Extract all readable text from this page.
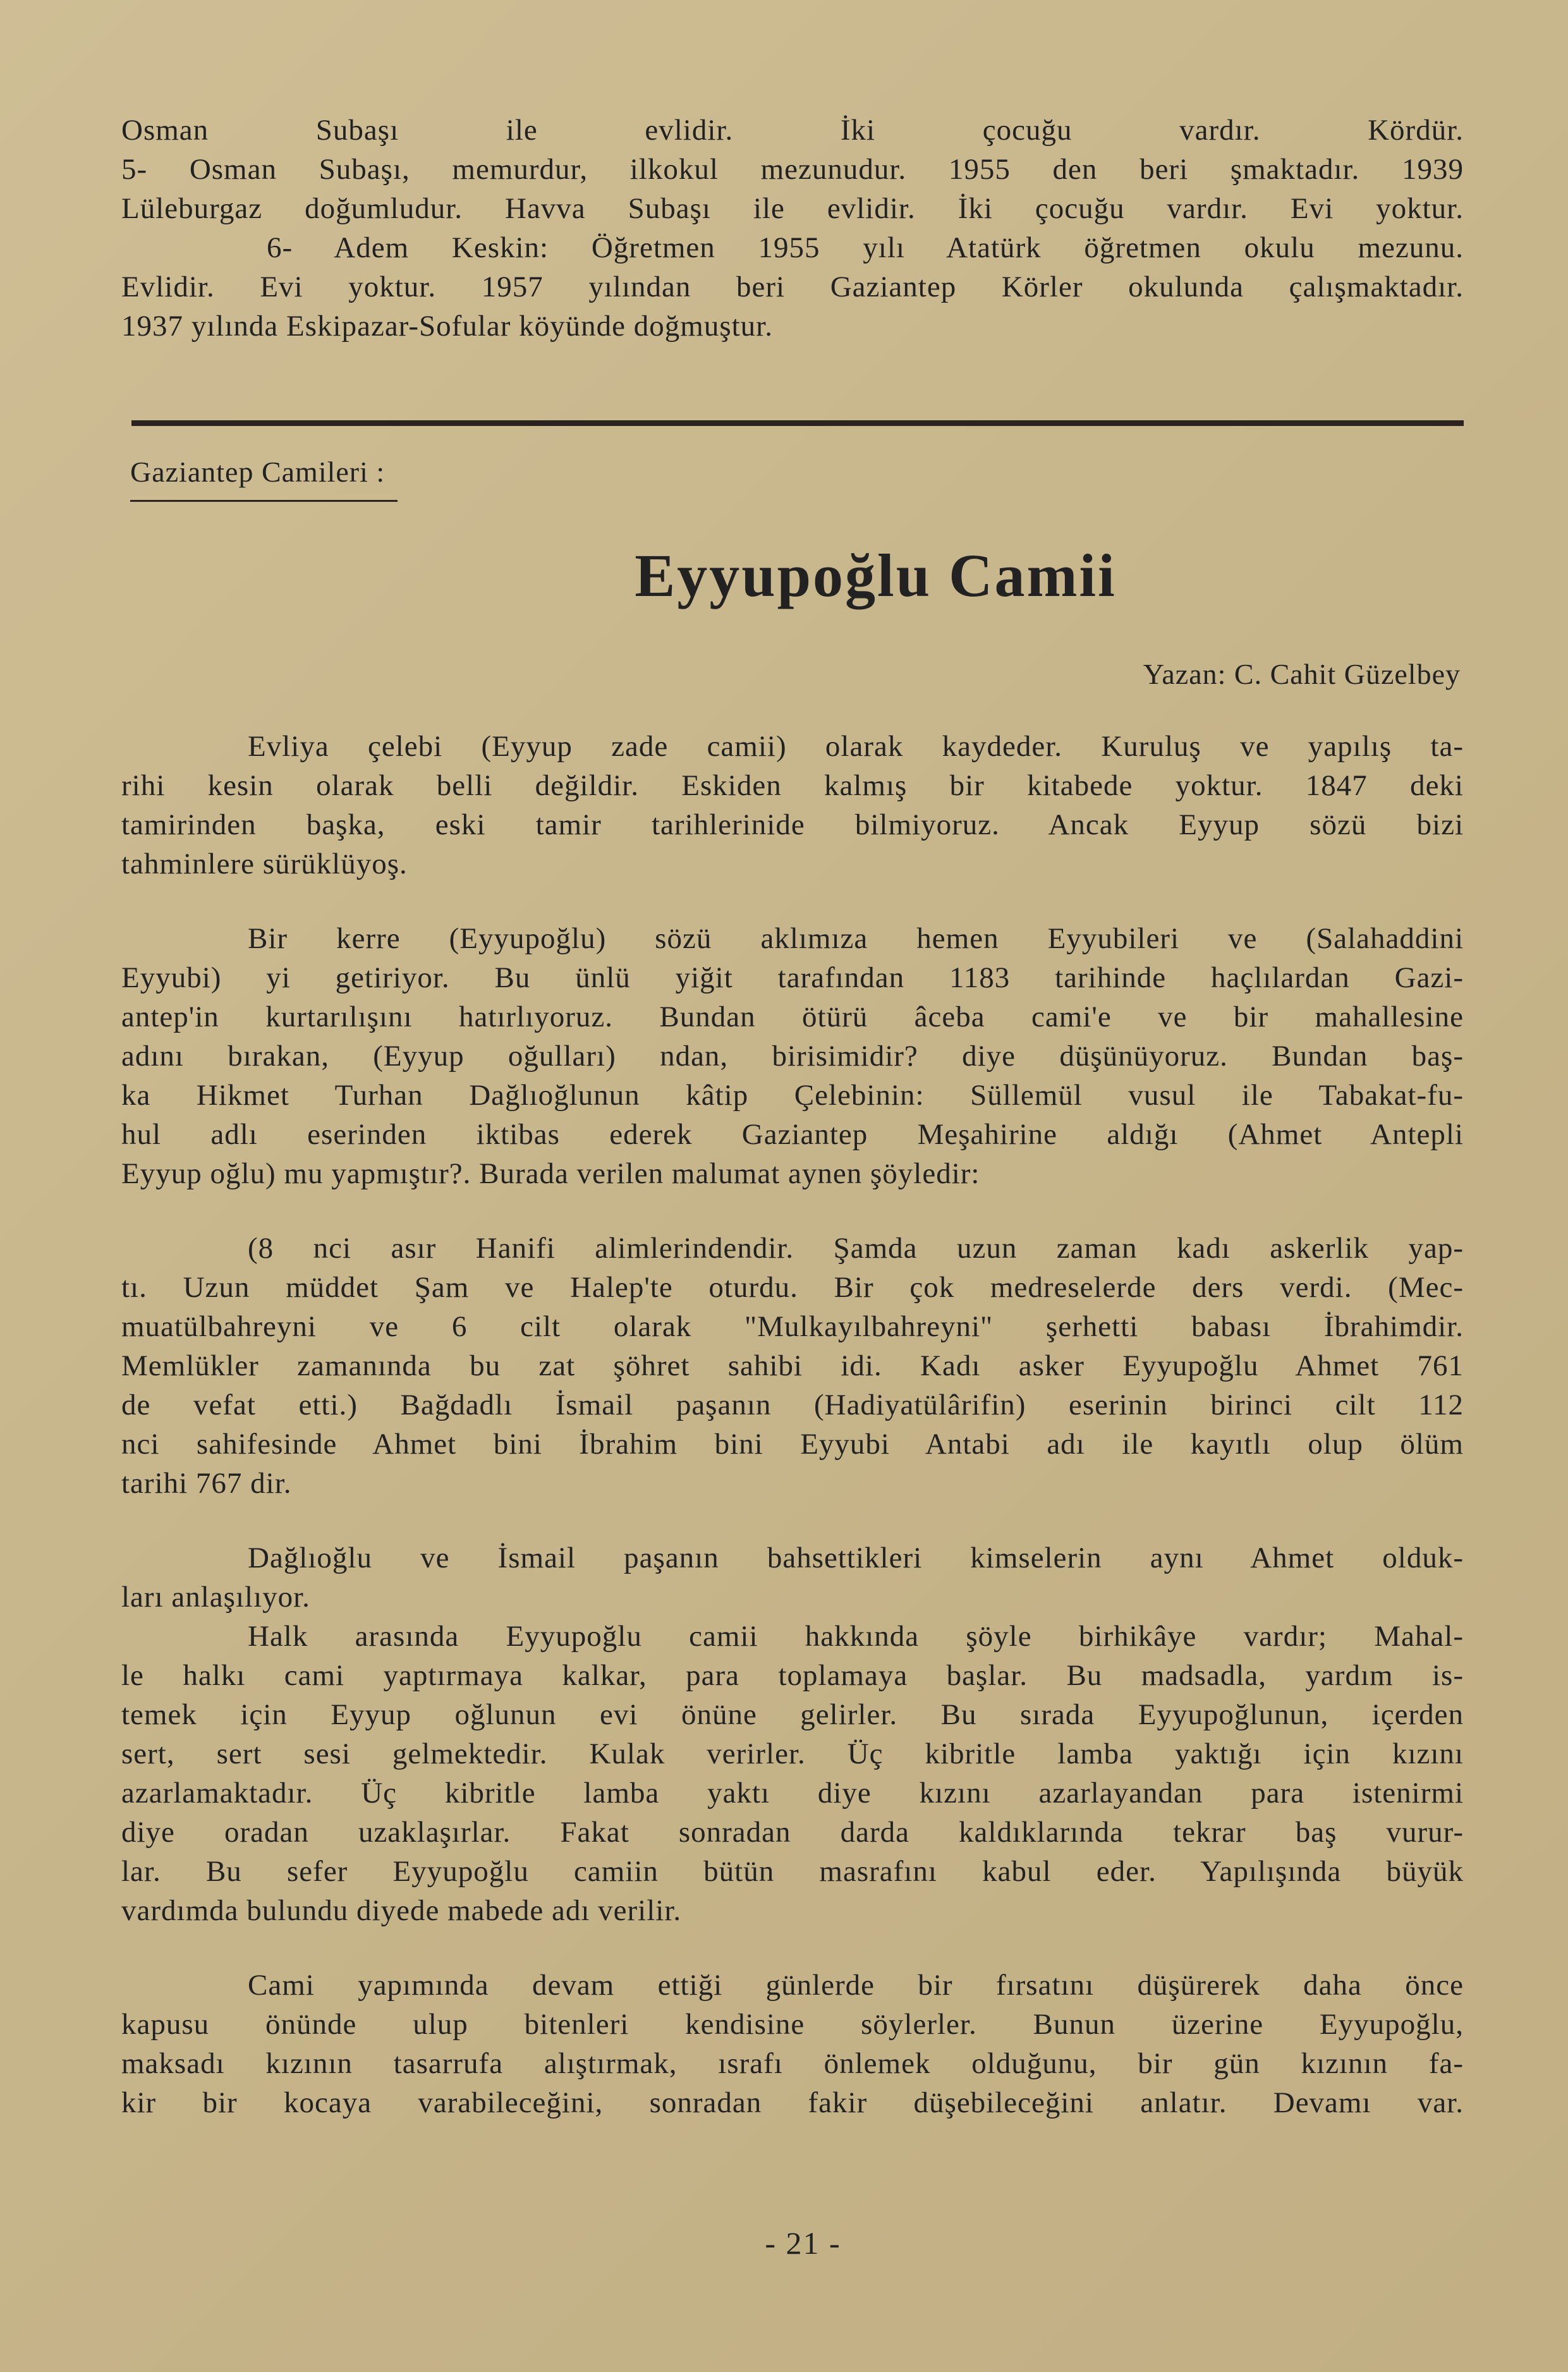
Osman Subaşı ile evlidir. İki çocuğu vardır. Kördür.
5- Osman Subaşı, memurdur, ilkokul mezunudur. 1955 den beri şmaktadır. 1939
Lüleburgaz doğumludur. Havva Subaşı ile evlidir. İki çocuğu vardır. Evi yoktur.
6- Adem Keskin: Öğretmen 1955 yılı Atatürk öğretmen okulu mezunu.
Evlidir. Evi yoktur. 1957 yılından beri Gaziantep Körler okulunda çalışmaktadır.
1937 yılında Eskipazar-Sofular köyünde doğmuştur.
Gaziantep Camileri :
Eyyupoğlu Camii
Yazan: C. Cahit Güzelbey
Evliya çelebi (Eyyup zade camii) olarak kaydeder. Kuruluş ve yapılış ta-
rihi kesin olarak belli değildir. Eskiden kalmış bir kitabede yoktur. 1847 deki
tamirinden başka, eski tamir tarihlerinide bilmiyoruz. Ancak Eyyup sözü bizi
tahminlere sürüklüyoş.
Bir kerre (Eyyupoğlu) sözü aklımıza hemen Eyyubileri ve (Salahaddini
Eyyubi) yi getiriyor. Bu ünlü yiğit tarafından 1183 tarihinde haçlılardan Gazi-
antep'in kurtarılışını hatırlıyoruz. Bundan ötürü âceba cami'e ve bir mahallesine
adını bırakan, (Eyyup oğulları) ndan, birisimidir? diye düşünüyoruz. Bundan baş-
ka Hikmet Turhan Dağlıoğlunun kâtip Çelebinin: Süllemül vusul ile Tabakat-fu-
hul adlı eserinden iktibas ederek Gaziantep Meşahirine aldığı (Ahmet Antepli
Eyyup oğlu) mu yapmıştır?. Burada verilen malumat aynen şöyledir:
(8 nci asır Hanifi alimlerindendir. Şamda uzun zaman kadı askerlik yap-
tı. Uzun müddet Şam ve Halep'te oturdu. Bir çok medreselerde ders verdi. (Mec-
muatülbahreyni ve 6 cilt olarak "Mulkayılbahreyni" şerhetti babası İbrahimdir.
Memlükler zamanında bu zat şöhret sahibi idi. Kadı asker Eyyupoğlu Ahmet 761
de vefat etti.) Bağdadlı İsmail paşanın (Hadiyatülârifin) eserinin birinci cilt 112
nci sahifesinde Ahmet bini İbrahim bini Eyyubi Antabi adı ile kayıtlı olup ölüm
tarihi 767 dir.
Dağlıoğlu ve İsmail paşanın bahsettikleri kimselerin aynı Ahmet olduk-
ları anlaşılıyor.
Halk arasında Eyyupoğlu camii hakkında şöyle birhikâye vardır; Mahal-
le halkı cami yaptırmaya kalkar, para toplamaya başlar. Bu madsadla, yardım is-
temek için Eyyup oğlunun evi önüne gelirler. Bu sırada Eyyupoğlunun, içerden
sert, sert sesi gelmektedir. Kulak verirler. Üç kibritle lamba yaktığı için kızını
azarlamaktadır. Üç kibritle lamba yaktı diye kızını azarlayandan para istenirmi
diye oradan uzaklaşırlar. Fakat sonradan darda kaldıklarında tekrar baş vurur-
lar. Bu sefer Eyyupoğlu camiin bütün masrafını kabul eder. Yapılışında büyük
vardımda bulundu diyede mabede adı verilir.
Cami yapımında devam ettiği günlerde bir fırsatını düşürerek daha önce
kapusu önünde ulup bitenleri kendisine söylerler. Bunun üzerine Eyyupoğlu,
maksadı kızının tasarrufa alıştırmak, ısrafı önlemek olduğunu, bir gün kızının fa-
kir bir kocaya varabileceğini, sonradan fakir düşebileceğini anlatır. Devamı var.
- 21 -
